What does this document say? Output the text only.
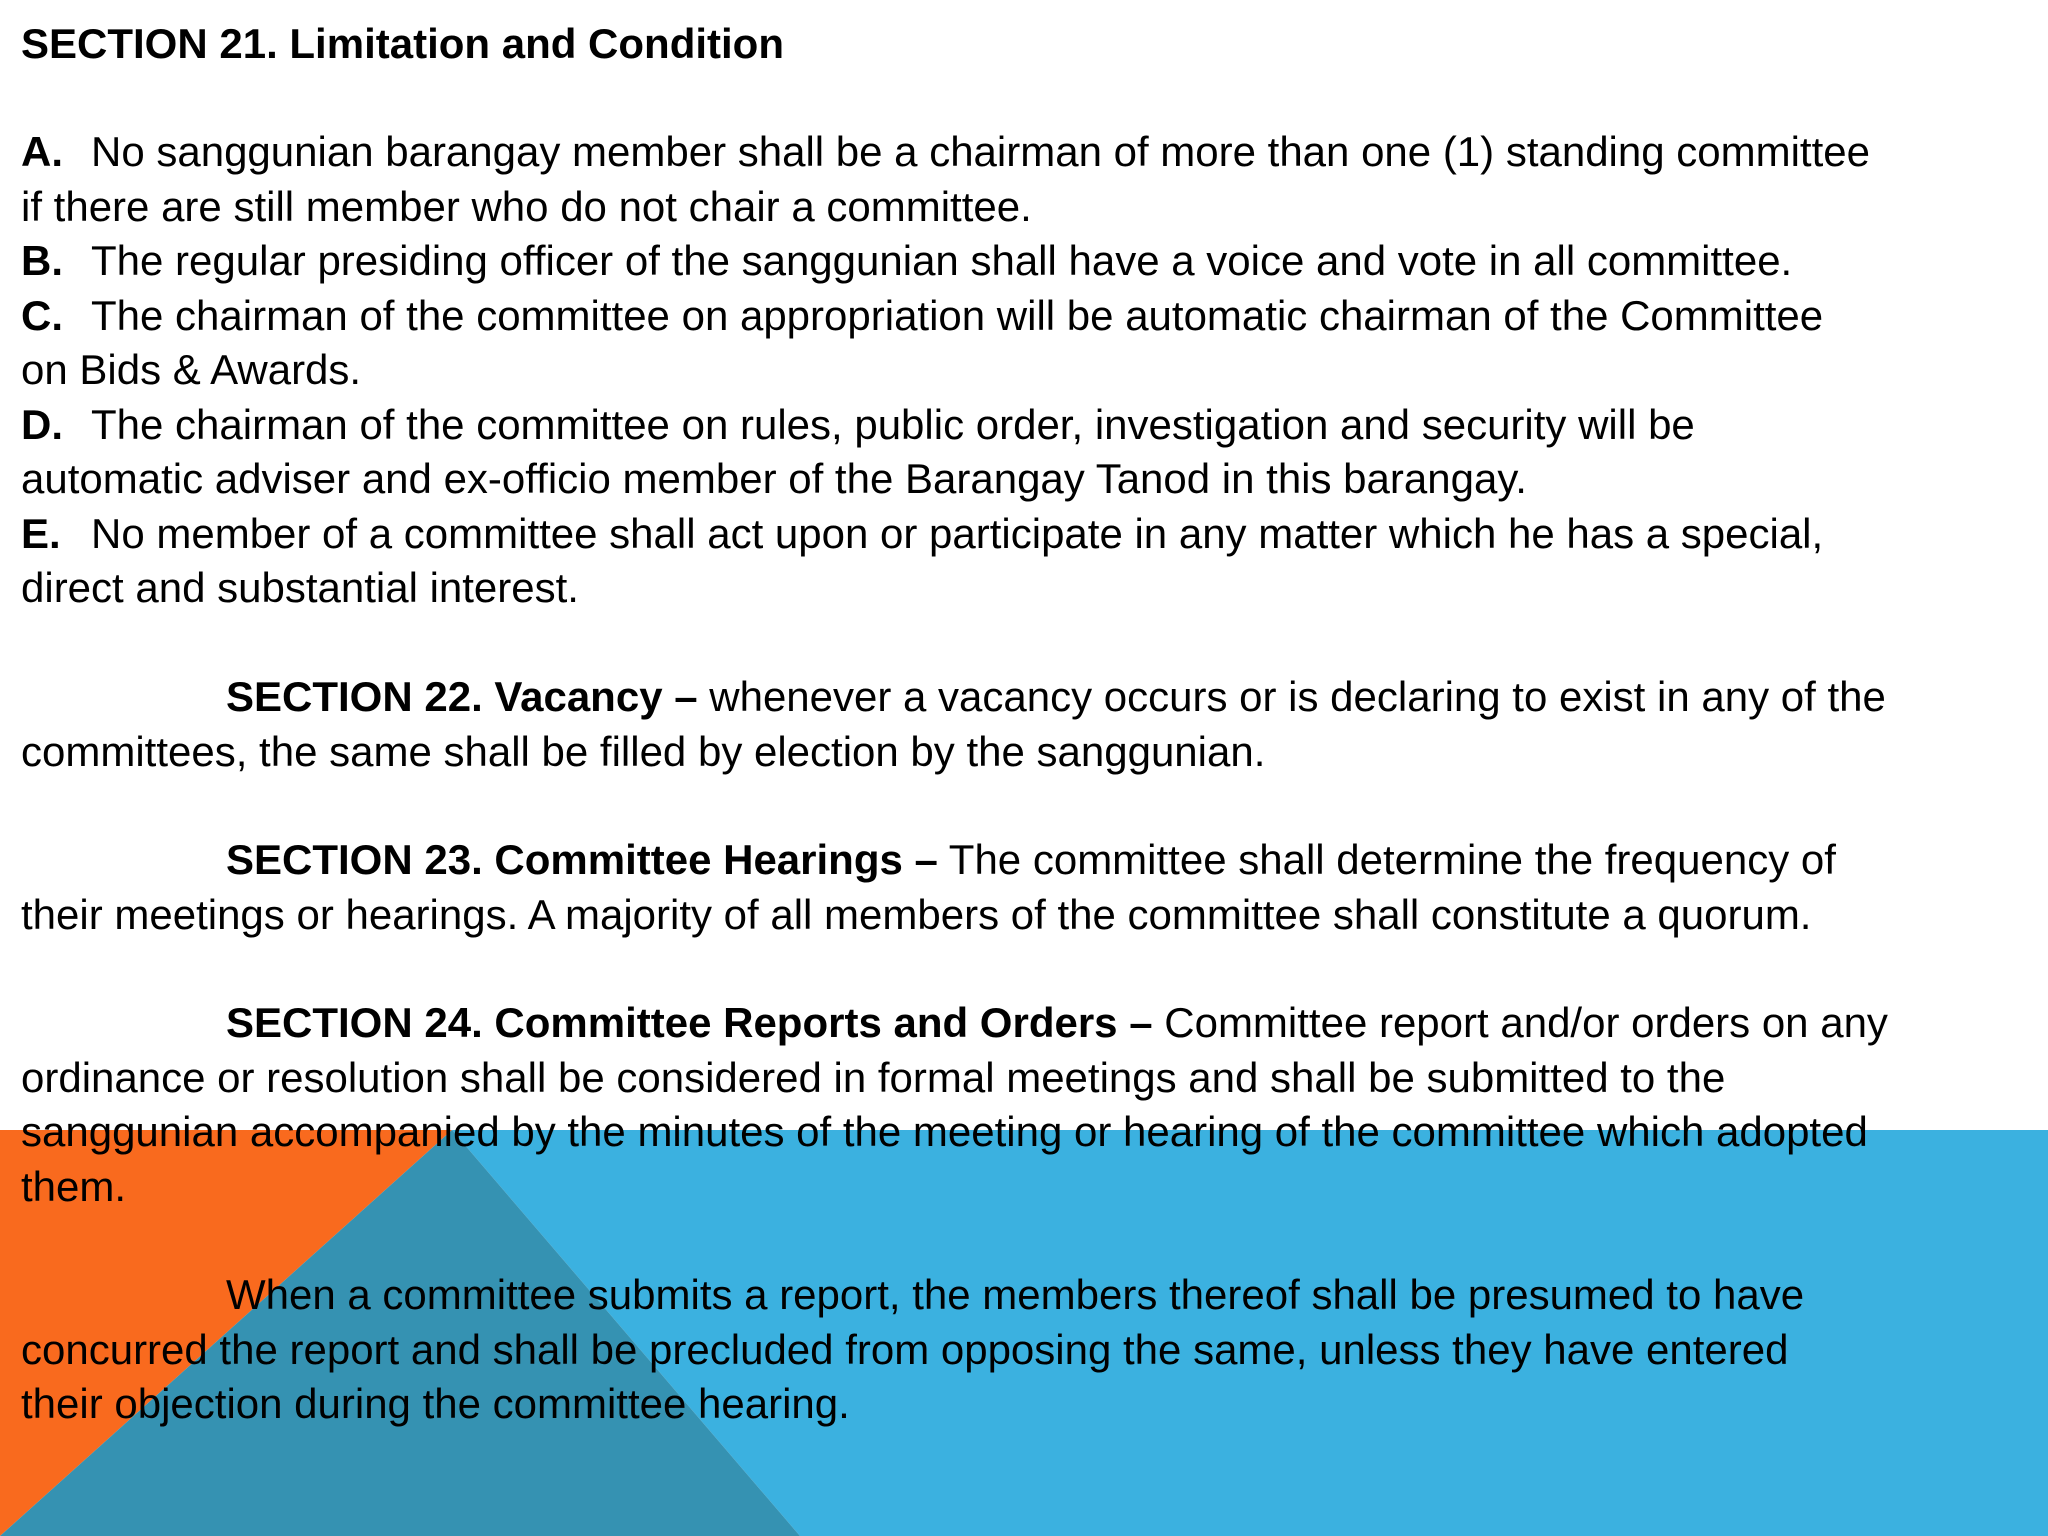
SECTION 21. Limitation and Condition
A. No sanggunian barangay member shall be a chairman of more than one (1) standing committee
if there are still member who do not chair a committee.
B. The regular presiding officer of the sanggunian shall have a voice and vote in all committee.
C. The chairman of the committee on appropriation will be automatic chairman of the Committee
on Bids & Awards.
D. The chairman of the committee on rules, public order, investigation and security will be
automatic adviser and ex-officio member of the Barangay Tanod in this barangay.
E. No member of a committee shall act upon or participate in any matter which he has a special,
direct and substantial interest.
SECTION 22. Vacancy – whenever a vacancy occurs or is declaring to exist in any of the
committees, the same shall be filled by election by the sanggunian.
SECTION 23. Committee Hearings – The committee shall determine the frequency of
their meetings or hearings. A majority of all members of the committee shall constitute a quorum.
SECTION 24. Committee Reports and Orders – Committee report and/or orders on any
ordinance or resolution shall be considered in formal meetings and shall be submitted to the
sanggunian accompanied by the minutes of the meeting or hearing of the committee which adopted
them.
When a committee submits a report, the members thereof shall be presumed to have
concurred the report and shall be precluded from opposing the same, unless they have entered
their objection during the committee hearing.
